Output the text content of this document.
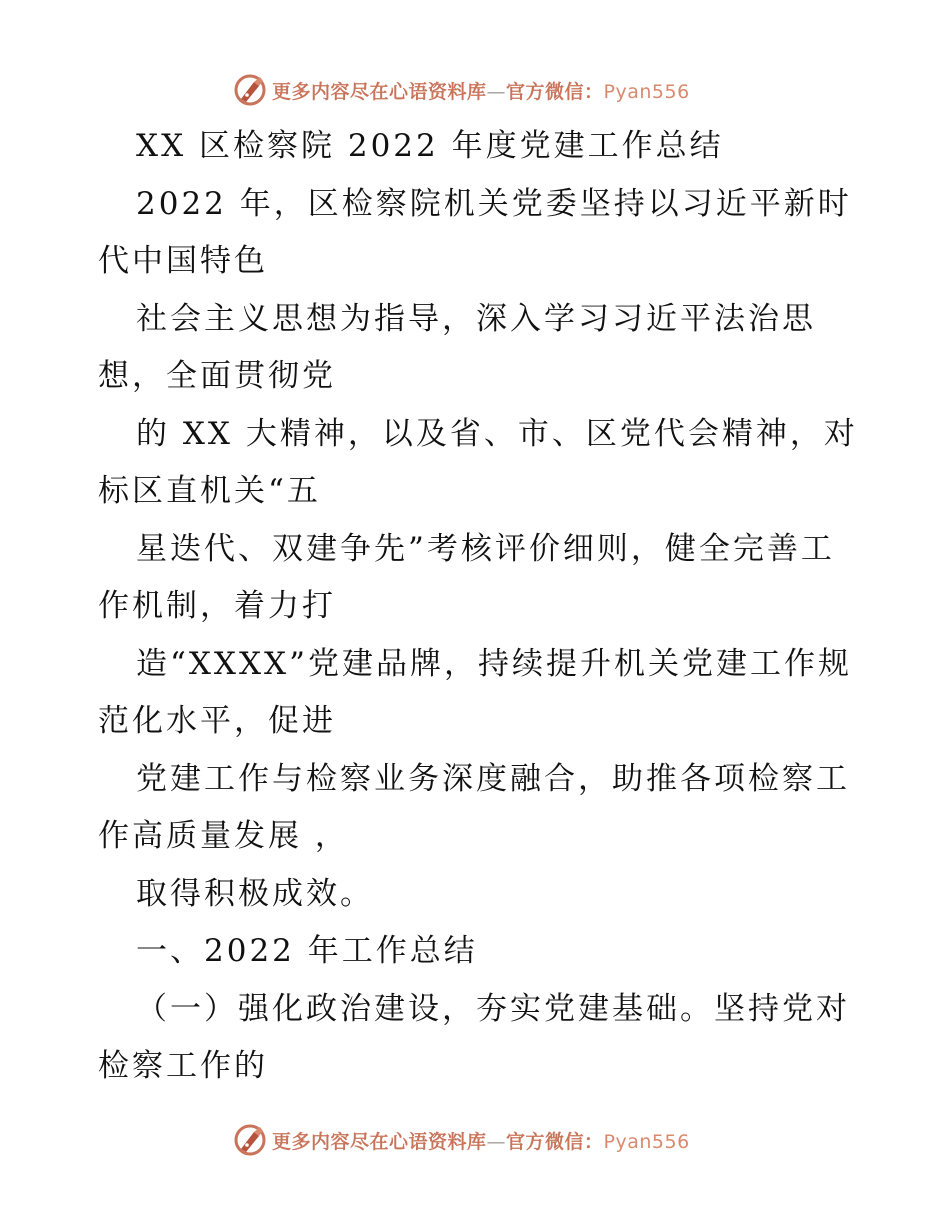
更多内容尽在心语资料库—官方微信：Pyan556
XX 区检察院 2022 年度党建工作总结
2022 年，区检察院机关党委坚持以习近平新时
代中国特色
社会主义思想为指导，深入学习习近平法治思
想，全面贯彻党
的 XX 大精神，以及省、市、区党代会精神，对
标区直机关“五
星迭代、双建争先”考核评价细则，健全完善工
作机制，着力打
造“XXXX”党建品牌，持续提升机关党建工作规
范化水平，促进
党建工作与检察业务深度融合，助推各项检察工
作高质量发展 ，
取得积极成效。
一、2022 年工作总结
（一）强化政治建设，夯实党建基础。坚持党对
检察工作的
更多内容尽在心语资料库—官方微信：Pyan556
